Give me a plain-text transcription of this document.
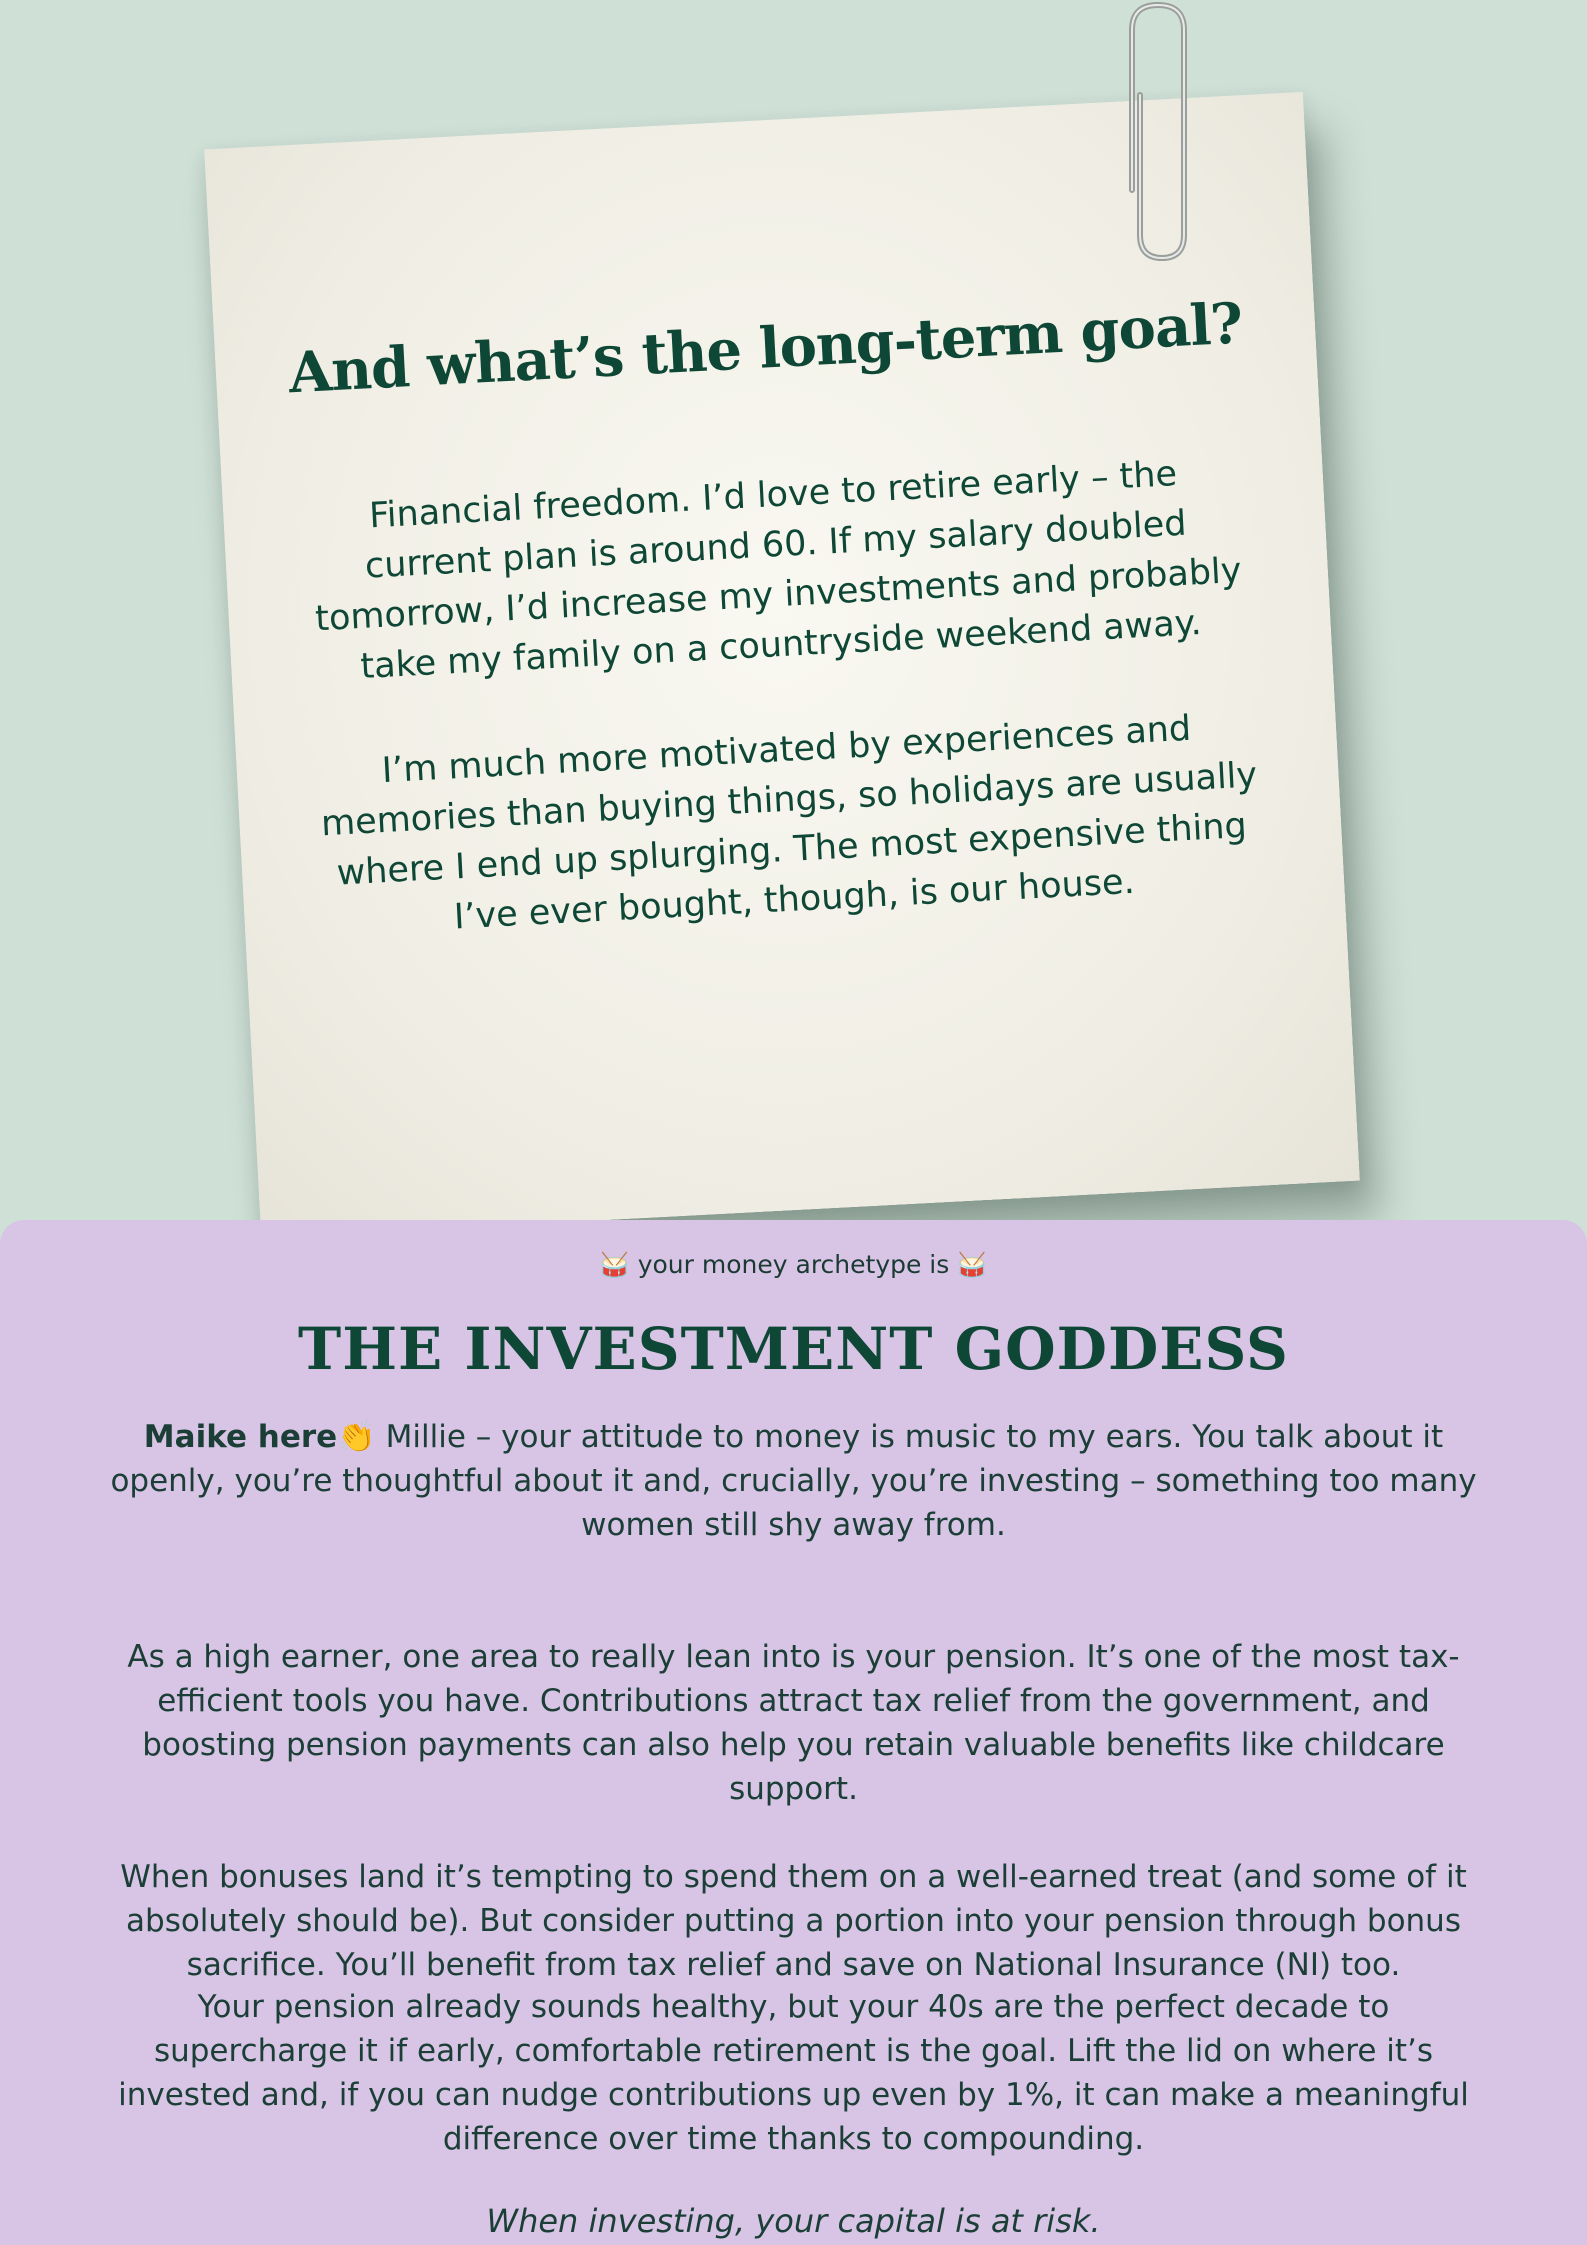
And what’s the long-term goal?

Financial freedom. I’d love to retire early – the current plan is around 60. If my salary doubled tomorrow, I’d increase my investments and probably take my family on a countryside weekend away.

I’m much more motivated by experiences and memories than buying things, so holidays are usually where I end up splurging. The most expensive thing I’ve ever bought, though, is our house.

🥁 your money archetype is 🥁
THE INVESTMENT GODDESS

Maike here👏 Millie – your attitude to money is music to my ears. You talk about it openly, you’re thoughtful about it and, crucially, you’re investing – something too many women still shy away from.

As a high earner, one area to really lean into is your pension. It’s one of the most tax-efficient tools you have. Contributions attract tax relief from the government, and boosting pension payments can also help you retain valuable benefits like childcare support.

When bonuses land it’s tempting to spend them on a well-earned treat (and some of it absolutely should be). But consider putting a portion into your pension through bonus sacrifice. You’ll benefit from tax relief and save on National Insurance (NI) too.

Your pension already sounds healthy, but your 40s are the perfect decade to supercharge it if early, comfortable retirement is the goal. Lift the lid on where it’s invested and, if you can nudge contributions up even by 1%, it can make a meaningful difference over time thanks to compounding.

When investing, your capital is at risk.
